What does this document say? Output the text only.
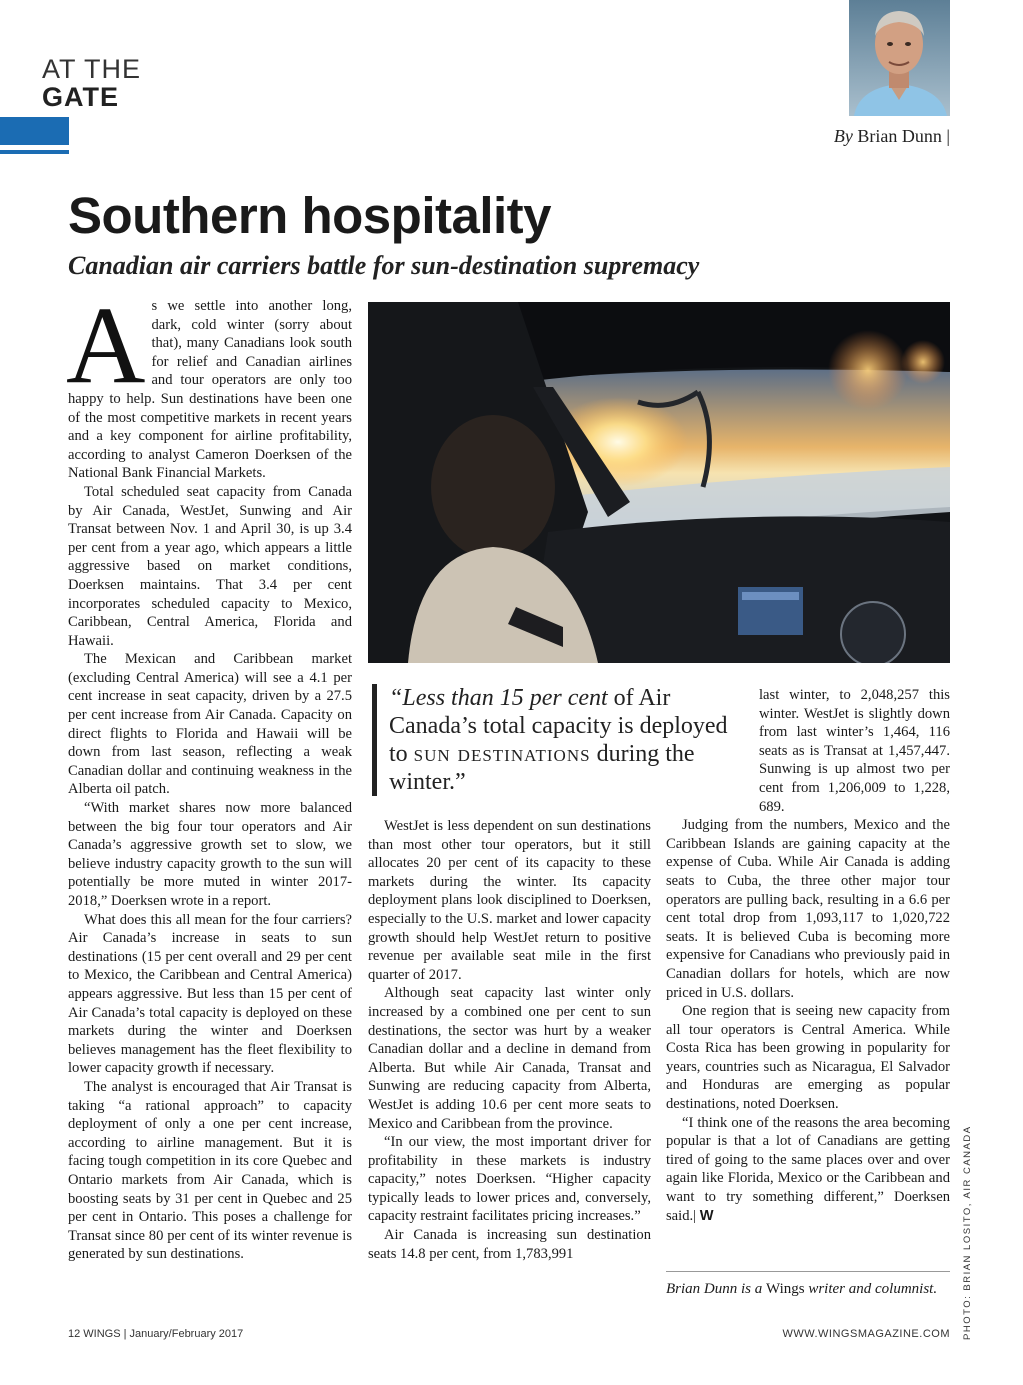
AT THE
GATE
By Brian Dunn |
Southern hospitality
Canadian air carriers battle for sun-destination supremacy

As we settle into another long, dark, cold winter (sorry about that), many Canadians look south for relief and Canadian airlines and tour operators are only too happy to help. Sun destinations have been one of the most competitive markets in recent years and a key component for airline profitability, according to analyst Cameron Doerksen of the National Bank Financial Markets.

Total scheduled seat capacity from Canada by Air Canada, WestJet, Sunwing and Air Transat between Nov. 1 and April 30, is up 3.4 per cent from a year ago, which appears a little aggressive based on market conditions, Doerksen maintains. That 3.4 per cent incorporates scheduled capacity to Mexico, Caribbean, Central America, Florida and Hawaii.

The Mexican and Caribbean market (excluding Central America) will see a 4.1 per cent increase in seat capacity, driven by a 27.5 per cent increase from Air Canada. Capacity on direct flights to Florida and Hawaii will be down from last season, reflecting a weak Canadian dollar and continuing weakness in the Alberta oil patch.

“With market shares now more balanced between the big four tour operators and Air Canada’s aggressive growth set to slow, we believe industry capacity growth to the sun will potentially be more muted in winter 2017-2018,” Doerksen wrote in a report.

What does this all mean for the four carriers? Air Canada’s increase in seats to sun destinations (15 per cent overall and 29 per cent to Mexico, the Caribbean and Central America) appears aggressive. But less than 15 per cent of Air Canada’s total capacity is deployed on these markets during the winter and Doerksen believes management has the fleet flexibility to lower capacity growth if necessary.

The analyst is encouraged that Air Transat is taking “a rational approach” to capacity deployment of only a one per cent increase, according to airline management. But it is facing tough competition in its core Quebec and Ontario markets from Air Canada, which is boosting seats by 31 per cent in Quebec and 25 per cent in Ontario. This poses a challenge for Transat since 80 per cent of its winter revenue is generated by sun destinations.

“Less than 15 per cent of Air Canada’s total capacity is deployed to sun destinations during the winter.”

WestJet is less dependent on sun destinations than most other tour operators, but it still allocates 20 per cent of its capacity to these markets during the winter. Its capacity deployment plans look disciplined to Doerksen, especially to the U.S. market and lower capacity growth should help WestJet return to positive revenue per available seat mile in the first quarter of 2017.

Although seat capacity last winter only increased by a combined one per cent to sun destinations, the sector was hurt by a weaker Canadian dollar and a decline in demand from Alberta. But while Air Canada, Transat and Sunwing are reducing capacity from Alberta, WestJet is adding 10.6 per cent more seats to Mexico and Caribbean from the province.

“In our view, the most important driver for profitability in these markets is industry capacity,” notes Doerksen. “Higher capacity typically leads to lower prices and, conversely, capacity restraint facilitates pricing increases.”

Air Canada is increasing sun destination seats 14.8 per cent, from 1,783,991

last winter, to 2,048,257 this winter. WestJet is slightly down from last winter’s 1,464, 116 seats as is Transat at 1,457,447. Sunwing is up almost two per cent from 1,206,009 to 1,228, 689.

Judging from the numbers, Mexico and the Caribbean Islands are gaining capacity at the expense of Cuba. While Air Canada is adding seats to Cuba, the three other major tour operators are pulling back, resulting in a 6.6 per cent total drop from 1,093,117 to 1,020,722 seats. It is believed Cuba is becoming more expensive for Canadians who previously paid in Canadian dollars for hotels, which are now priced in U.S. dollars.

One region that is seeing new capacity from all tour operators is Central America. While Costa Rica has been growing in popularity for years, countries such as Nicaragua, El Salvador and Honduras are emerging as popular destinations, noted Doerksen.

“I think one of the reasons the area becoming popular is that a lot of Canadians are getting tired of going to the same places over and over again like Florida, Mexico or the Caribbean and want to try something different,” Doerksen said.| W

Brian Dunn is a Wings writer and columnist.
12 WINGS | January/February 2017	WWW.WINGSMAGAZINE.COM PHOTO: BRIAN LOSITO, AIR CANADA
